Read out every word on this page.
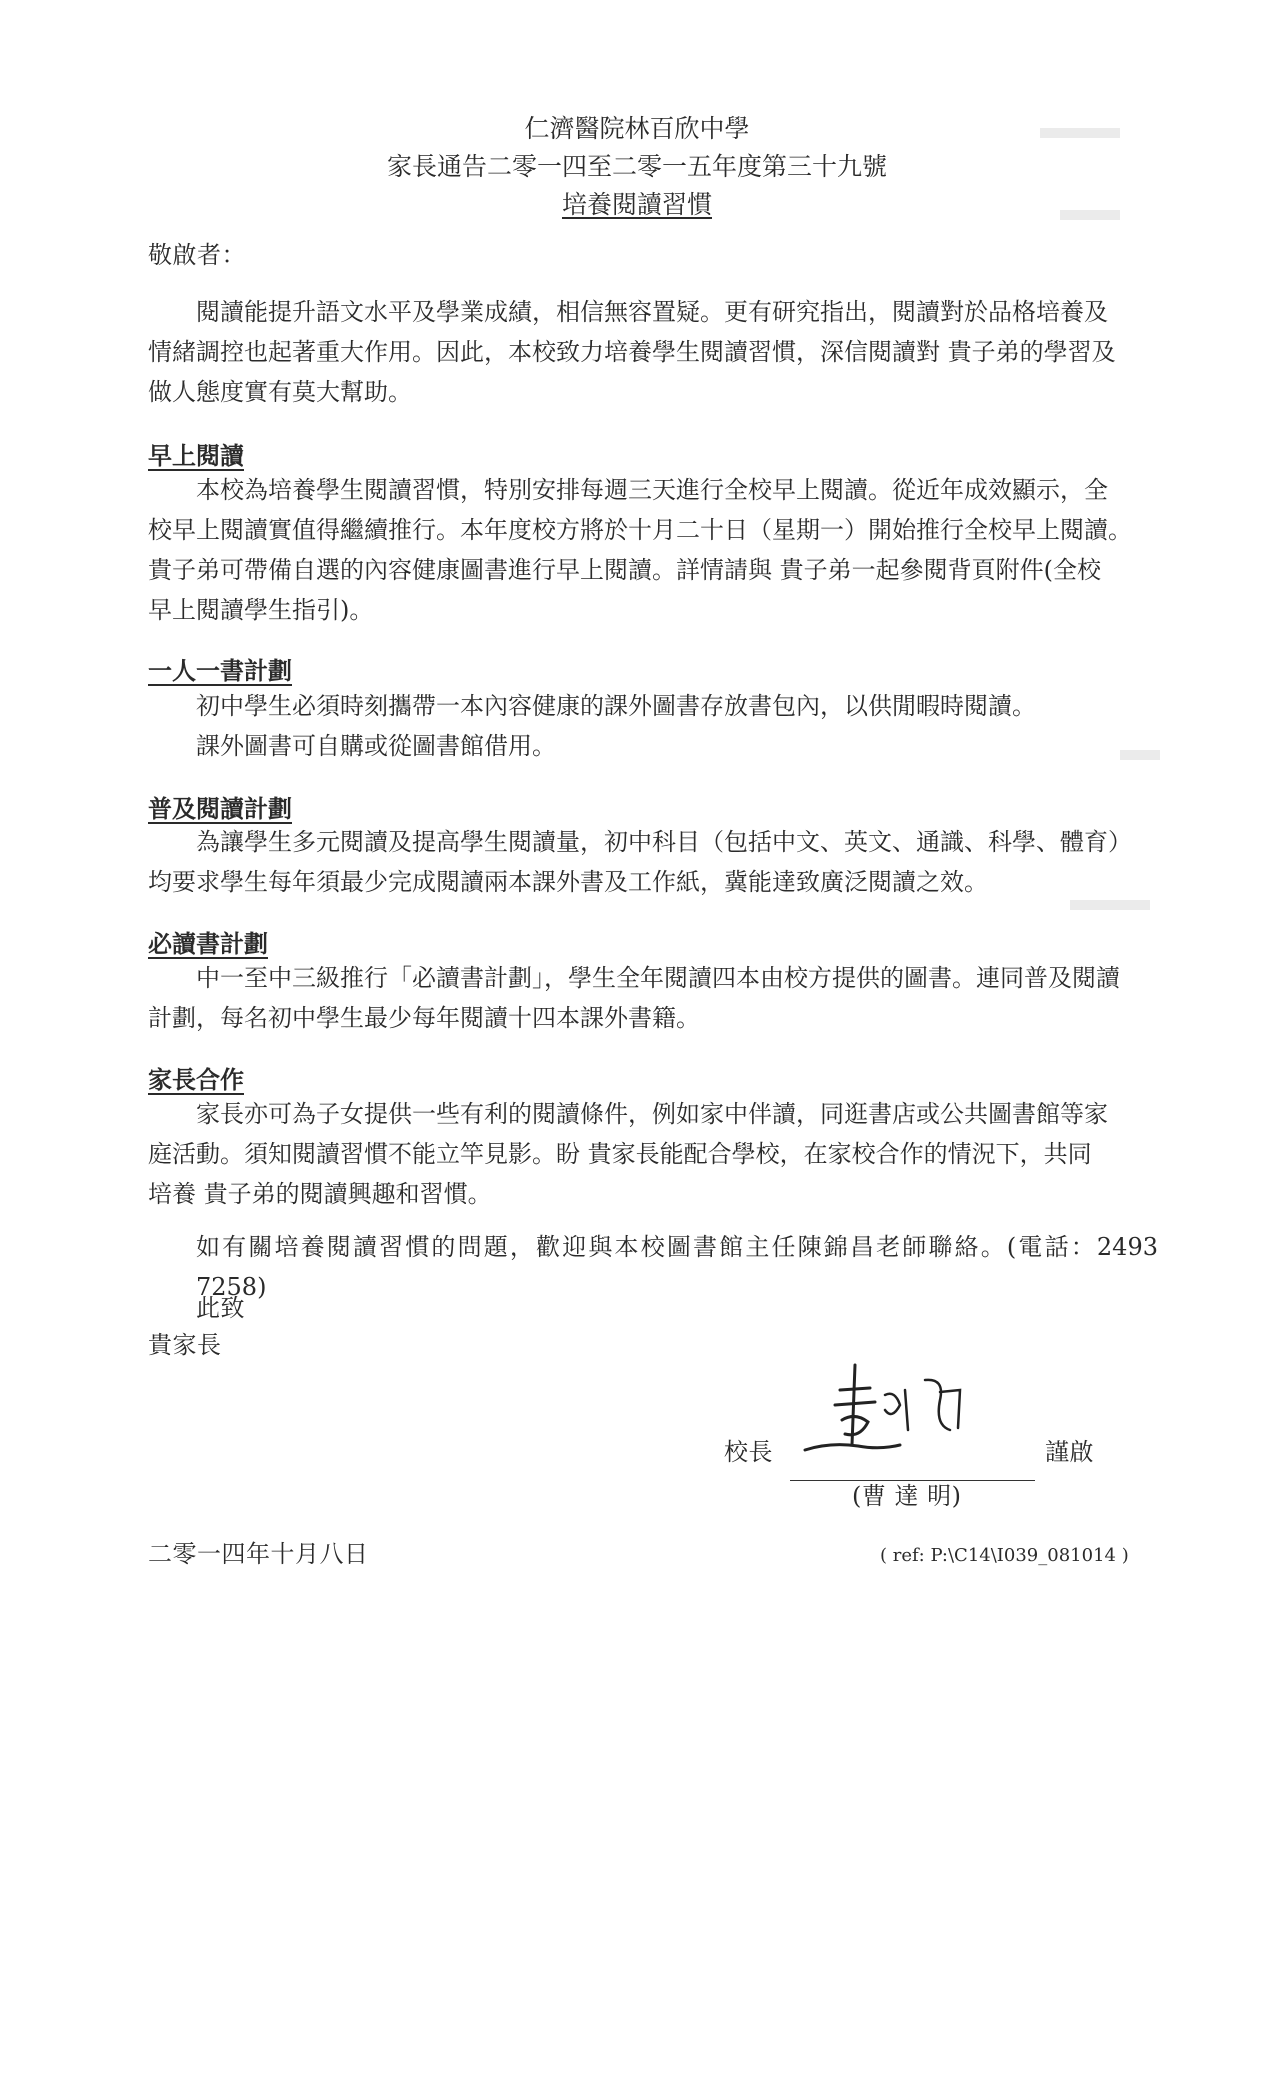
仁濟醫院林百欣中學
家長通告二零一四至二零一五年度第三十九號
培養閱讀習慣
敬啟者：
閱讀能提升語文水平及學業成績，相信無容置疑。更有研究指出，閱讀對於品格培養及
情緒調控也起著重大作用。因此，本校致力培養學生閱讀習慣，深信閱讀對 貴子弟的學習及
做人態度實有莫大幫助。
早上閱讀
本校為培養學生閱讀習慣，特別安排每週三天進行全校早上閱讀。從近年成效顯示，全
校早上閱讀實值得繼續推行。本年度校方將於十月二十日（星期一）開始推行全校早上閱讀。
貴子弟可帶備自選的內容健康圖書進行早上閱讀。詳情請與 貴子弟一起參閱背頁附件(全校
早上閱讀學生指引)。
一人一書計劃
初中學生必須時刻攜帶一本內容健康的課外圖書存放書包內，以供閒暇時閱讀。
課外圖書可自購或從圖書館借用。
普及閱讀計劃
為讓學生多元閱讀及提高學生閱讀量，初中科目（包括中文、英文、通識、科學、體育）
均要求學生每年須最少完成閱讀兩本課外書及工作紙，冀能達致廣泛閱讀之效。
必讀書計劃
中一至中三級推行「必讀書計劃」，學生全年閱讀四本由校方提供的圖書。連同普及閱讀
計劃，每名初中學生最少每年閱讀十四本課外書籍。
家長合作
家長亦可為子女提供一些有利的閱讀條件，例如家中伴讀，同逛書店或公共圖書館等家
庭活動。須知閱讀習慣不能立竿見影。盼 貴家長能配合學校，在家校合作的情況下，共同
培養 貴子弟的閱讀興趣和習慣。
如有關培養閱讀習慣的問題，歡迎與本校圖書館主任陳錦昌老師聯絡。(電話：2493 7258)
此致
貴家長
校長	謹啟
(曹 達 明)
二零一四年十月八日	( ref: P:\C14\I039_081014 )
